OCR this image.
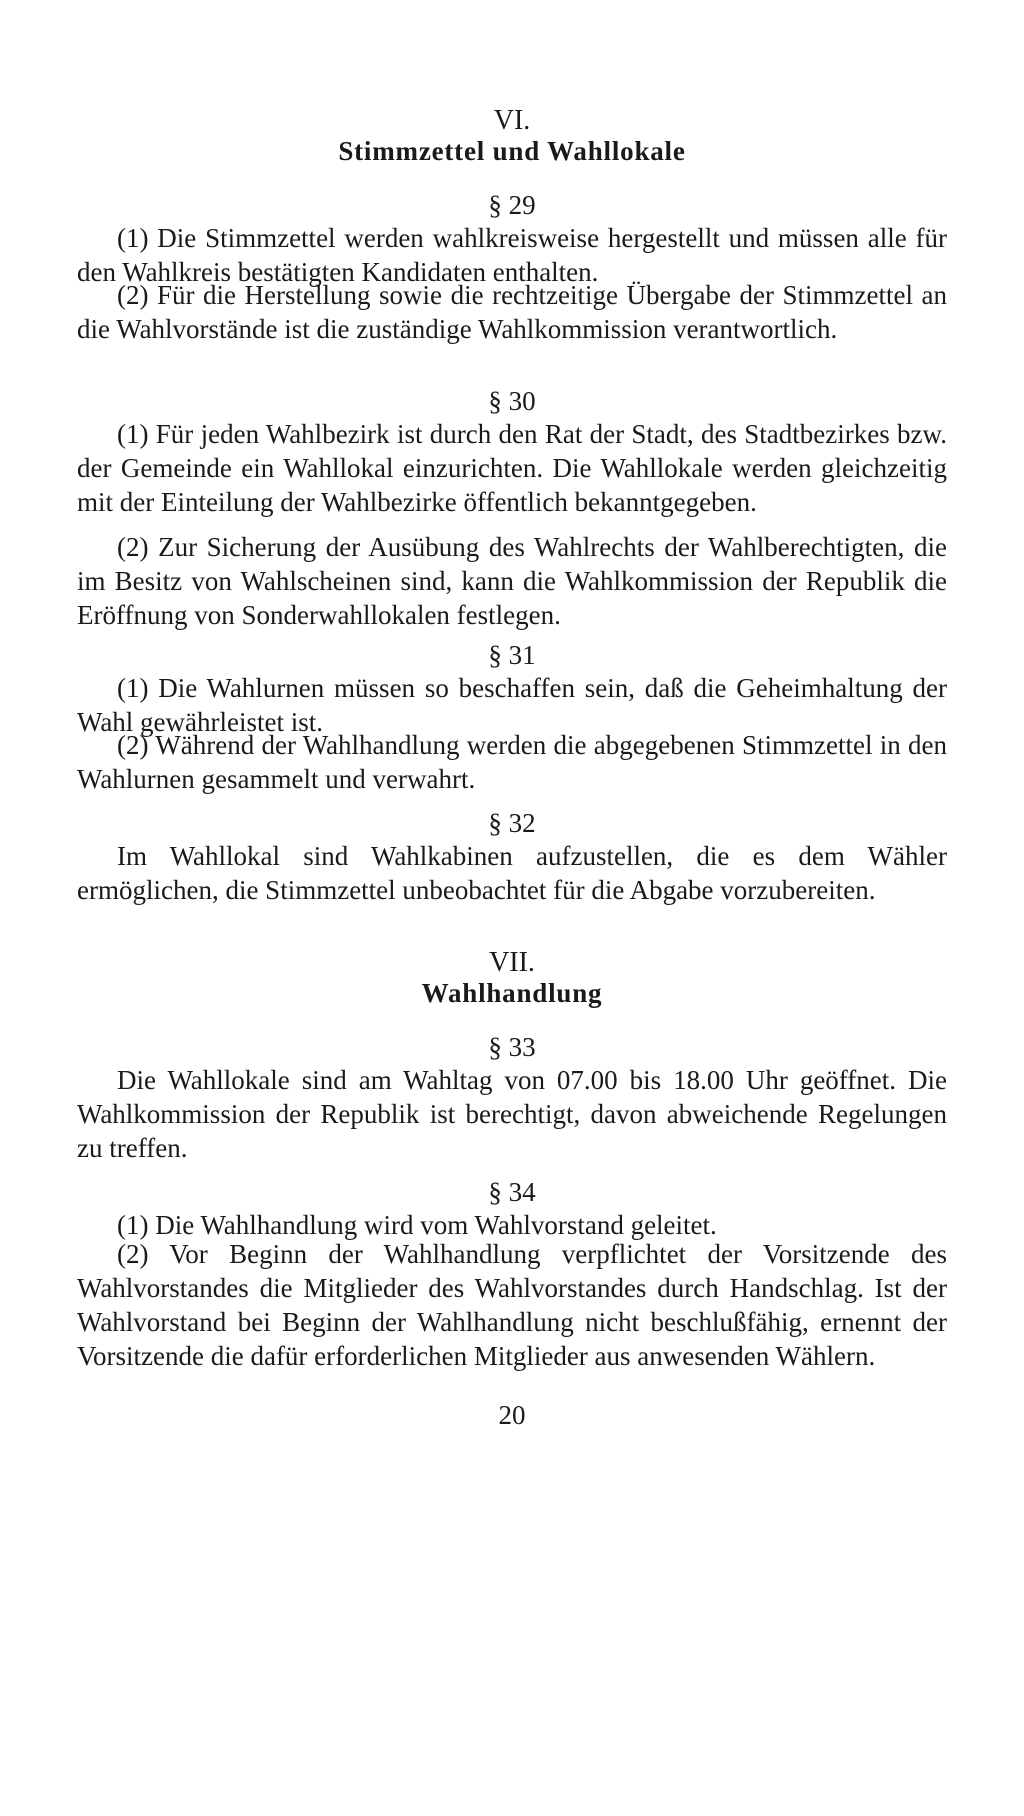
VI.
Stimmzettel und Wahllokale
§ 29
(1) Die Stimmzettel werden wahlkreisweise hergestellt und müssen alle für den Wahlkreis bestätigten Kandidaten enthalten.
(2) Für die Herstellung sowie die rechtzeitige Übergabe der Stimmzettel an die Wahlvorstände ist die zuständige Wahlkommission verantwortlich.
§ 30
(1) Für jeden Wahlbezirk ist durch den Rat der Stadt, des Stadtbezirkes bzw. der Gemeinde ein Wahllokal einzurichten. Die Wahllokale werden gleichzeitig mit der Einteilung der Wahlbezirke öffentlich bekanntgegeben.
(2) Zur Sicherung der Ausübung des Wahlrechts der Wahlberechtigten, die im Besitz von Wahlscheinen sind, kann die Wahlkommission der Republik die Eröffnung von Sonderwahllokalen festlegen.
§ 31
(1) Die Wahlurnen müssen so beschaffen sein, daß die Geheimhaltung der Wahl gewährleistet ist.
(2) Während der Wahlhandlung werden die abgegebenen Stimmzettel in den Wahlurnen gesammelt und verwahrt.
§ 32
Im Wahllokal sind Wahlkabinen aufzustellen, die es dem Wähler ermöglichen, die Stimmzettel unbeobachtet für die Abgabe vorzubereiten.
VII.
Wahlhandlung
§ 33
Die Wahllokale sind am Wahltag von 07.00 bis 18.00 Uhr geöffnet. Die Wahlkommission der Republik ist berechtigt, davon abweichende Regelungen zu treffen.
§ 34
(1) Die Wahlhandlung wird vom Wahlvorstand geleitet.
(2) Vor Beginn der Wahlhandlung verpflichtet der Vorsitzende des Wahlvorstandes die Mitglieder des Wahlvorstandes durch Handschlag. Ist der Wahlvorstand bei Beginn der Wahlhandlung nicht beschlußfähig, ernennt der Vorsitzende die dafür erforderlichen Mitglieder aus anwesenden Wählern.
20
